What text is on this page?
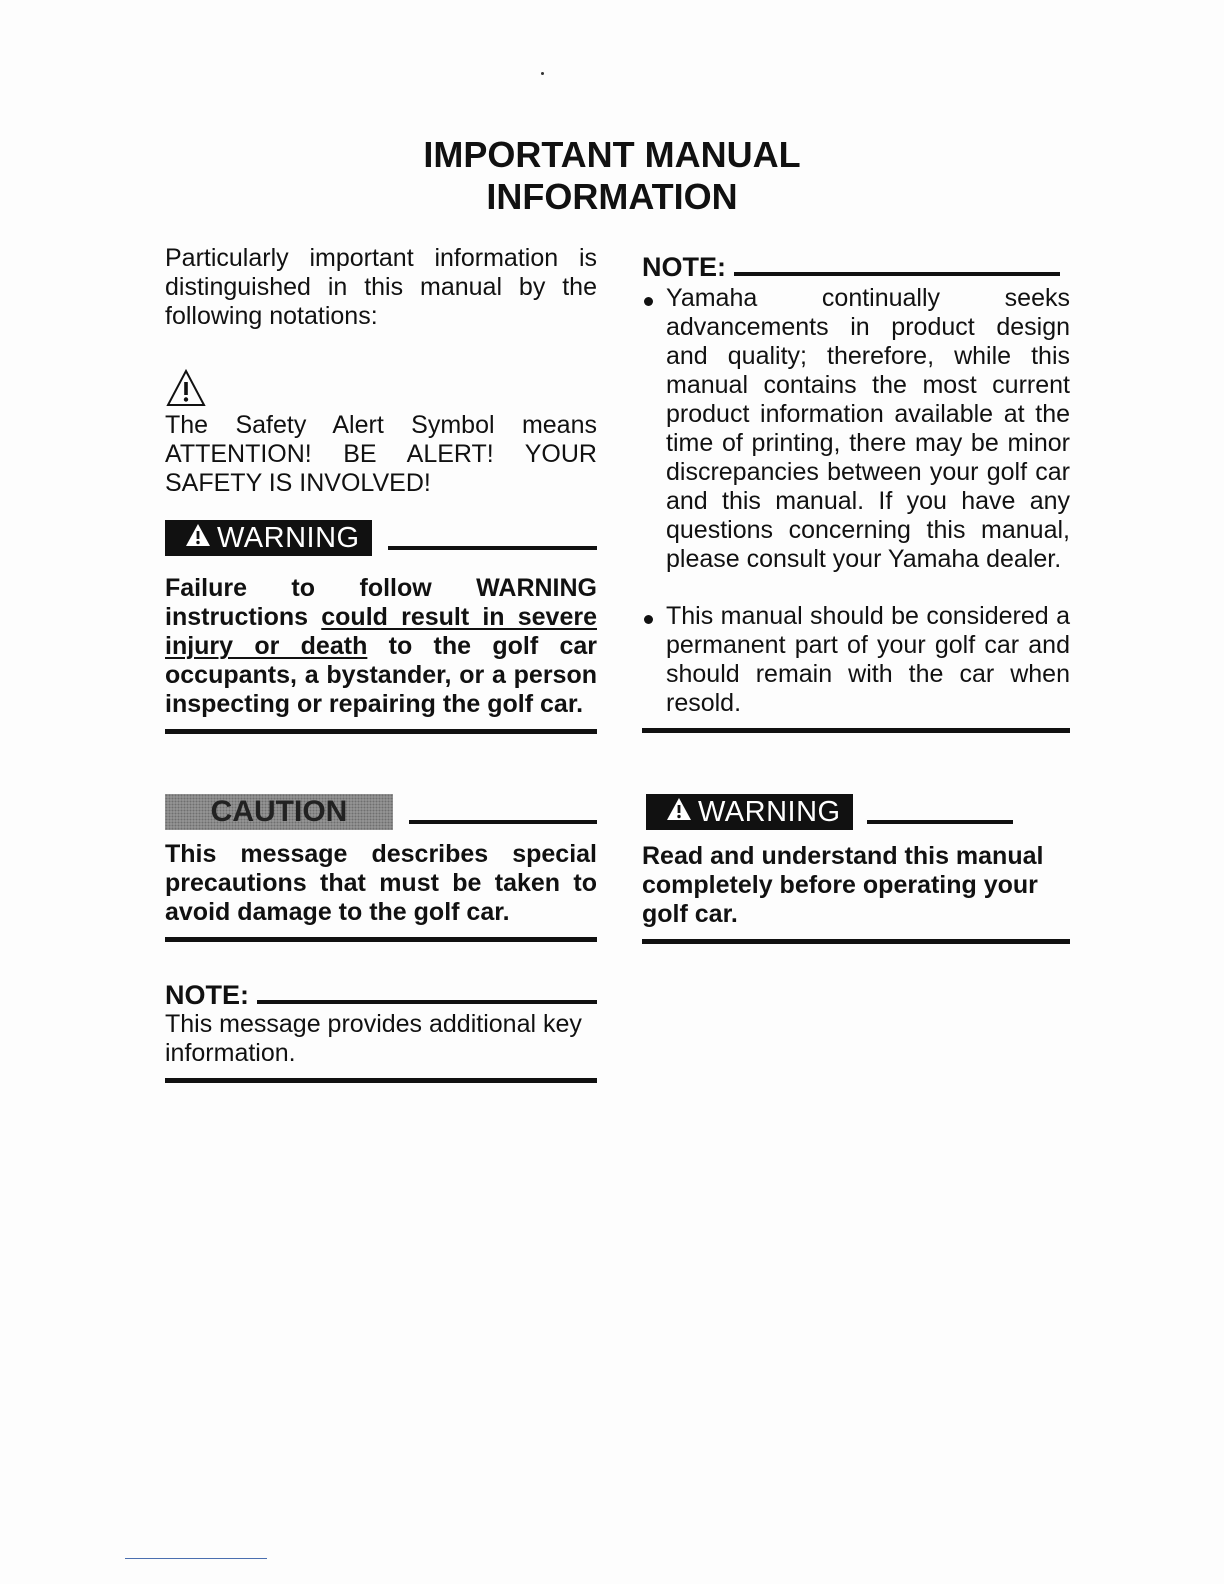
IMPORTANT MANUAL
INFORMATION

Particularly important information is distinguished in this manual by the following notations:

The Safety Alert Symbol means ATTENTION! BE ALERT! YOUR SAFETY IS INVOLVED!

WARNING

Failure to follow WARNING instructions could result in severe injury or death to the golf car occupants, a bystander, or a person inspecting or repairing the golf car.

CAUTION

This message describes special precautions that must be taken to avoid damage to the golf car.

NOTE:

This message provides additional key information.

NOTE:

Yamaha continually seeks advancements in product design and quality; therefore, while this manual contains the most current product information available at the time of printing, there may be minor discrepancies between your golf car and this manual. If you have any questions concerning this manual, please consult your Yamaha dealer.

This manual should be considered a permanent part of your golf car and should remain with the car when resold.

WARNING

Read and understand this manual completely before operating your golf car.
